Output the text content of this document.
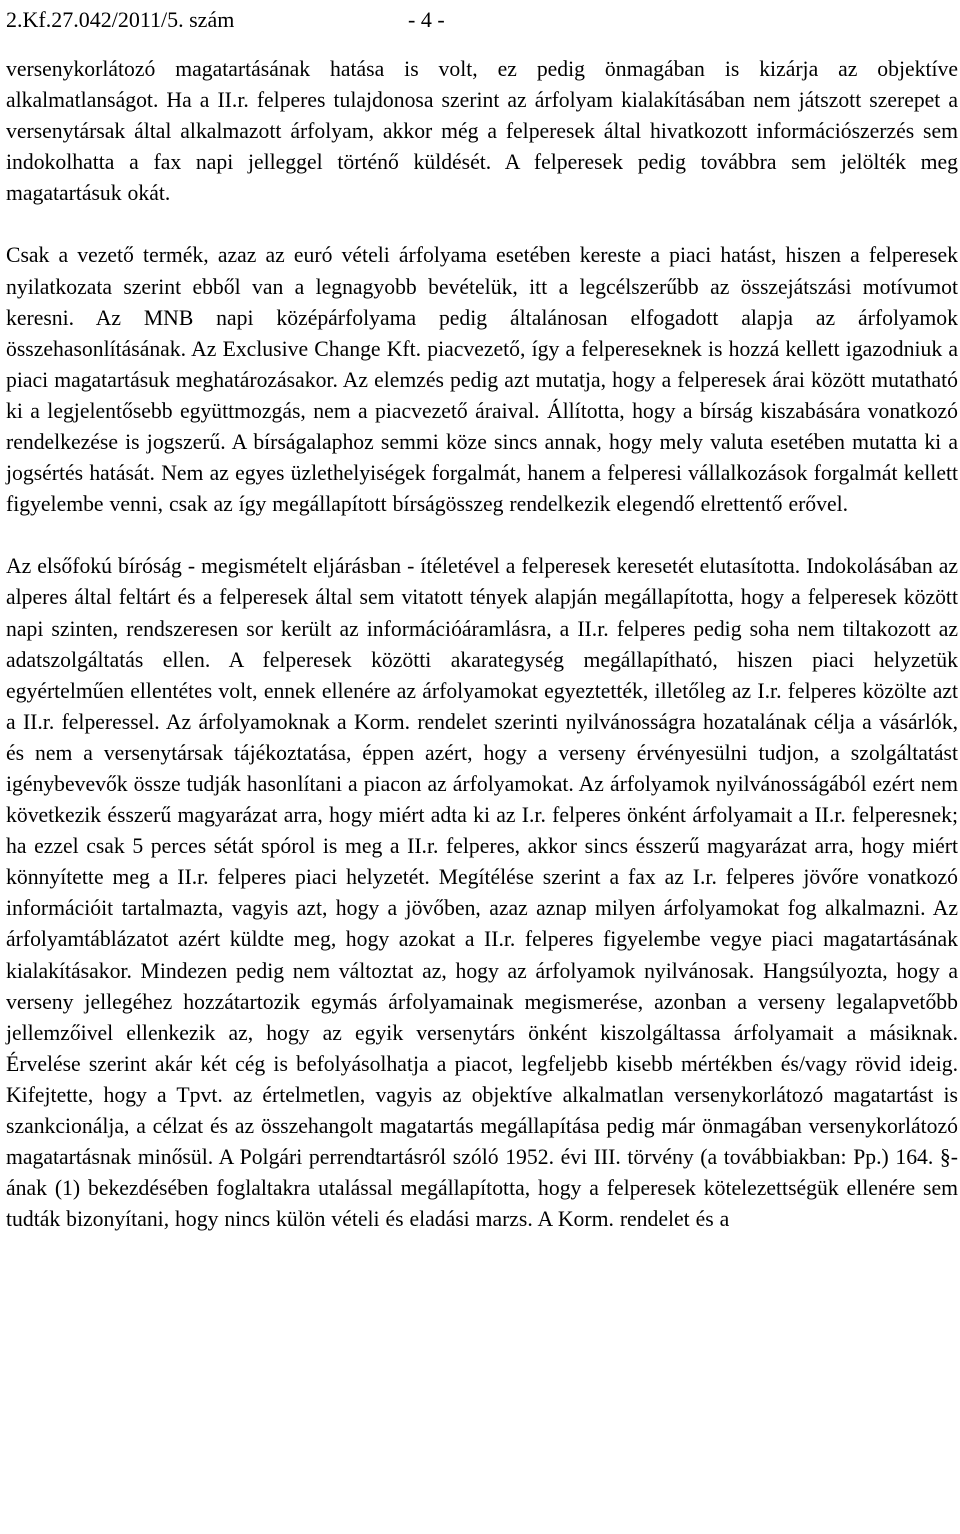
2.Kf.27.042/2011/5. szám	- 4 -

versenykorlátozó magatartásának hatása is volt, ez pedig önmagában is kizárja az objektíve alkalmatlanságot. Ha a II.r. felperes tulajdonosa szerint az árfolyam kialakításában nem játszott szerepet a versenytársak által alkalmazott árfolyam, akkor még a felperesek által hivatkozott információszerzés sem indokolhatta a fax napi jelleggel történő küldését. A felperesek pedig továbbra sem jelölték meg magatartásuk okát.

Csak a vezető termék, azaz az euró vételi árfolyama esetében kereste a piaci hatást, hiszen a felperesek nyilatkozata szerint ebből van a legnagyobb bevételük, itt a legcélszerűbb az összejátszási motívumot keresni. Az MNB napi középárfolyama pedig általánosan elfogadott alapja az árfolyamok összehasonlításának. Az Exclusive Change Kft. piacvezető, így a felpereseknek is hozzá kellett igazodniuk a piaci magatartásuk meghatározásakor. Az elemzés pedig azt mutatja, hogy a felperesek árai között mutatható ki a legjelentősebb együttmozgás, nem a piacvezető áraival. Állította, hogy a bírság kiszabására vonatkozó rendelkezése is jogszerű. A bírságalaphoz semmi köze sincs annak, hogy mely valuta esetében mutatta ki a jogsértés hatását. Nem az egyes üzlethelyiségek forgalmát, hanem a felperesi vállalkozások forgalmát kellett figyelembe venni, csak az így megállapított bírságösszeg rendelkezik elegendő elrettentő erővel.

Az elsőfokú bíróság - megismételt eljárásban - ítéletével a felperesek keresetét elutasította. Indokolásában az alperes által feltárt és a felperesek által sem vitatott tények alapján megállapította, hogy a felperesek között napi szinten, rendszeresen sor került az információáramlásra, a II.r. felperes pedig soha nem tiltakozott az adatszolgáltatás ellen. A felperesek közötti akarategység megállapítható, hiszen piaci helyzetük egyértelműen ellentétes volt, ennek ellenére az árfolyamokat egyeztették, illetőleg az I.r. felperes közölte azt a II.r. felperessel. Az árfolyamoknak a Korm. rendelet szerinti nyilvánosságra hozatalának célja a vásárlók, és nem a versenytársak tájékoztatása, éppen azért, hogy a verseny érvényesülni tudjon, a szolgáltatást igénybevevők össze tudják hasonlítani a piacon az árfolyamokat. Az árfolyamok nyilvánosságából ezért nem következik ésszerű magyarázat arra, hogy miért adta ki az I.r. felperes önként árfolyamait a II.r. felperesnek; ha ezzel csak 5 perces sétát spórol is meg a II.r. felperes, akkor sincs ésszerű magyarázat arra, hogy miért könnyítette meg a II.r. felperes piaci helyzetét. Megítélése szerint a fax az I.r. felperes jövőre vonatkozó információit tartalmazta, vagyis azt, hogy a jövőben, azaz aznap milyen árfolyamokat fog alkalmazni. Az árfolyamtáblázatot azért küldte meg, hogy azokat a II.r. felperes figyelembe vegye piaci magatartásának kialakításakor. Mindezen pedig nem változtat az, hogy az árfolyamok nyilvánosak. Hangsúlyozta, hogy a verseny jellegéhez hozzátartozik egymás árfolyamainak megismerése, azonban a verseny legalapvetőbb jellemzőivel ellenkezik az, hogy az egyik versenytárs önként kiszolgáltassa árfolyamait a másiknak. Érvelése szerint akár két cég is befolyásolhatja a piacot, legfeljebb kisebb mértékben és/vagy rövid ideig. Kifejtette, hogy a Tpvt. az értelmetlen, vagyis az objektíve alkalmatlan versenykorlátozó magatartást is szankcionálja, a célzat és az összehangolt magatartás megállapítása pedig már önmagában versenykorlátozó magatartásnak minősül. A Polgári perrendtartásról szóló 1952. évi III. törvény (a továbbiakban: Pp.) 164. §-ának (1) bekezdésében foglaltakra utalással megállapította, hogy a felperesek kötelezettségük ellenére sem tudták bizonyítani, hogy nincs külön vételi és eladási marzs. A Korm. rendelet és a
